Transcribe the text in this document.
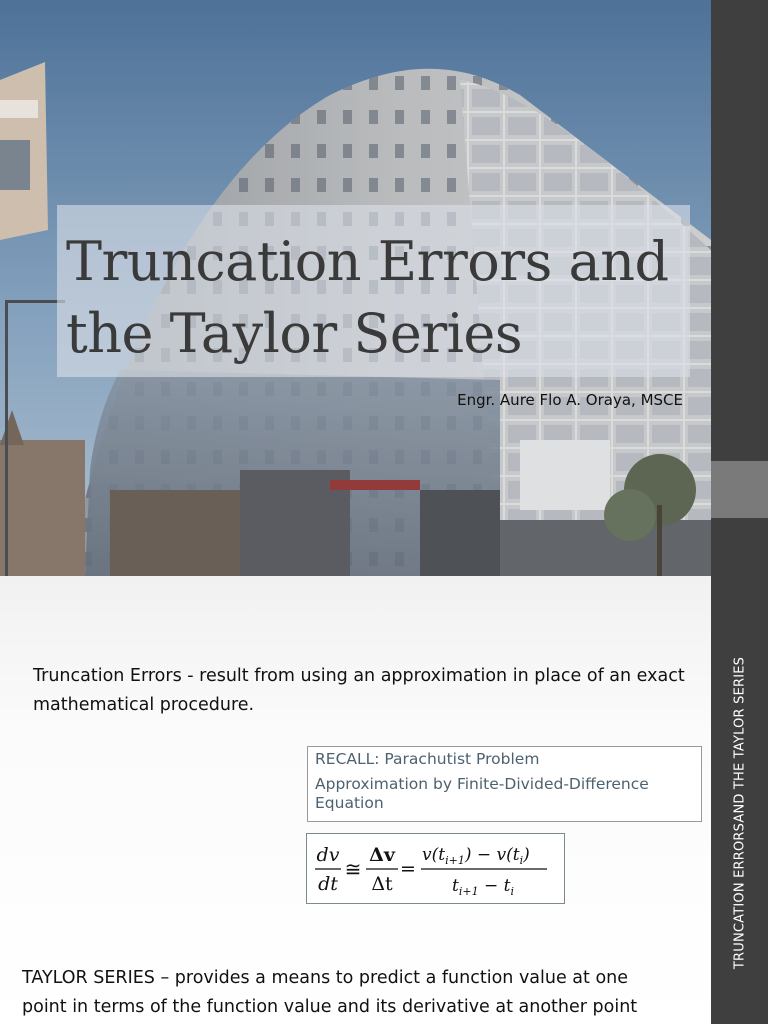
Truncation Errors and
the Taylor Series

Engr. Aure Flo A. Oraya, MSCE

TRUNCATION ERRORSAND THE TAYLOR SERIES

Truncation Errors - result from using an approximation in place of an exact mathematical procedure.

RECALL: Parachutist Problem
Approximation by Finite-Divided-Difference Equation
dv
dt
≅
Δv
Δt
=
$v(t_{i+1}) - v(t_i)$
$t_{i+1} - t_i$

TAYLOR SERIES – provides a means to predict a function value at one
point in terms of the function value and its derivative at another point
